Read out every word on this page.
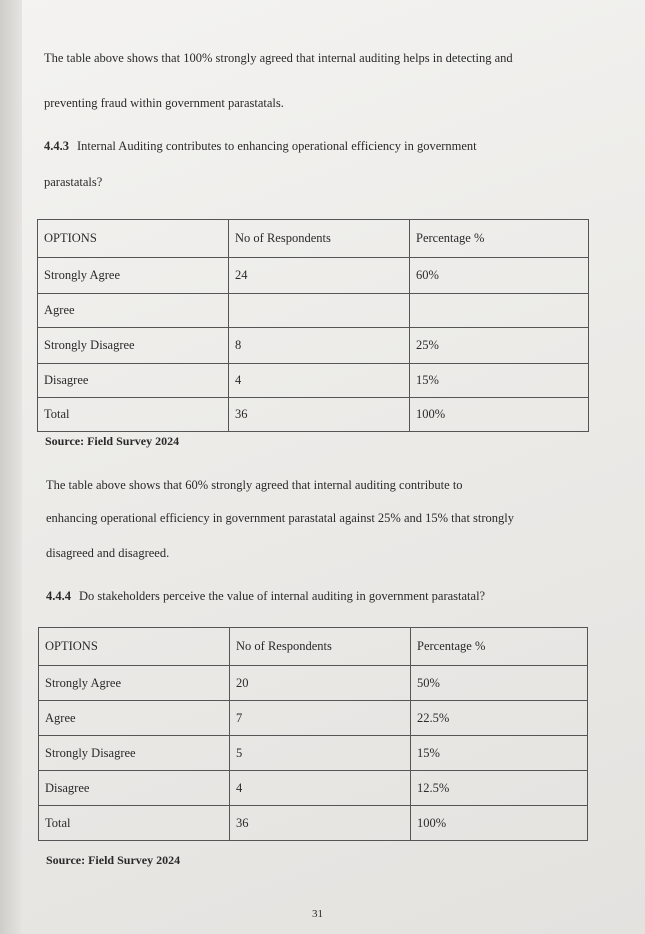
The table above shows that 100% strongly agreed that internal auditing helps in detecting and
preventing fraud within government parastatals.
4.4.3 Internal Auditing contributes to enhancing operational efficiency in government
parastatals?
OPTIONS	No of Respondents	Percentage %
Strongly Agree	24	60%
Agree		
Strongly Disagree	8	25%
Disagree	4	15%
Total	36	100%
Source: Field Survey 2024
The table above shows that 60% strongly agreed that internal auditing contribute to
enhancing operational efficiency in government parastatal against 25% and 15% that strongly
disagreed and disagreed.
4.4.4 Do stakeholders perceive the value of internal auditing in government parastatal?
OPTIONS	No of Respondents	Percentage %
Strongly Agree	20	50%
Agree	7	22.5%
Strongly Disagree	5	15%
Disagree	4	12.5%
Total	36	100%
Source: Field Survey 2024
31
